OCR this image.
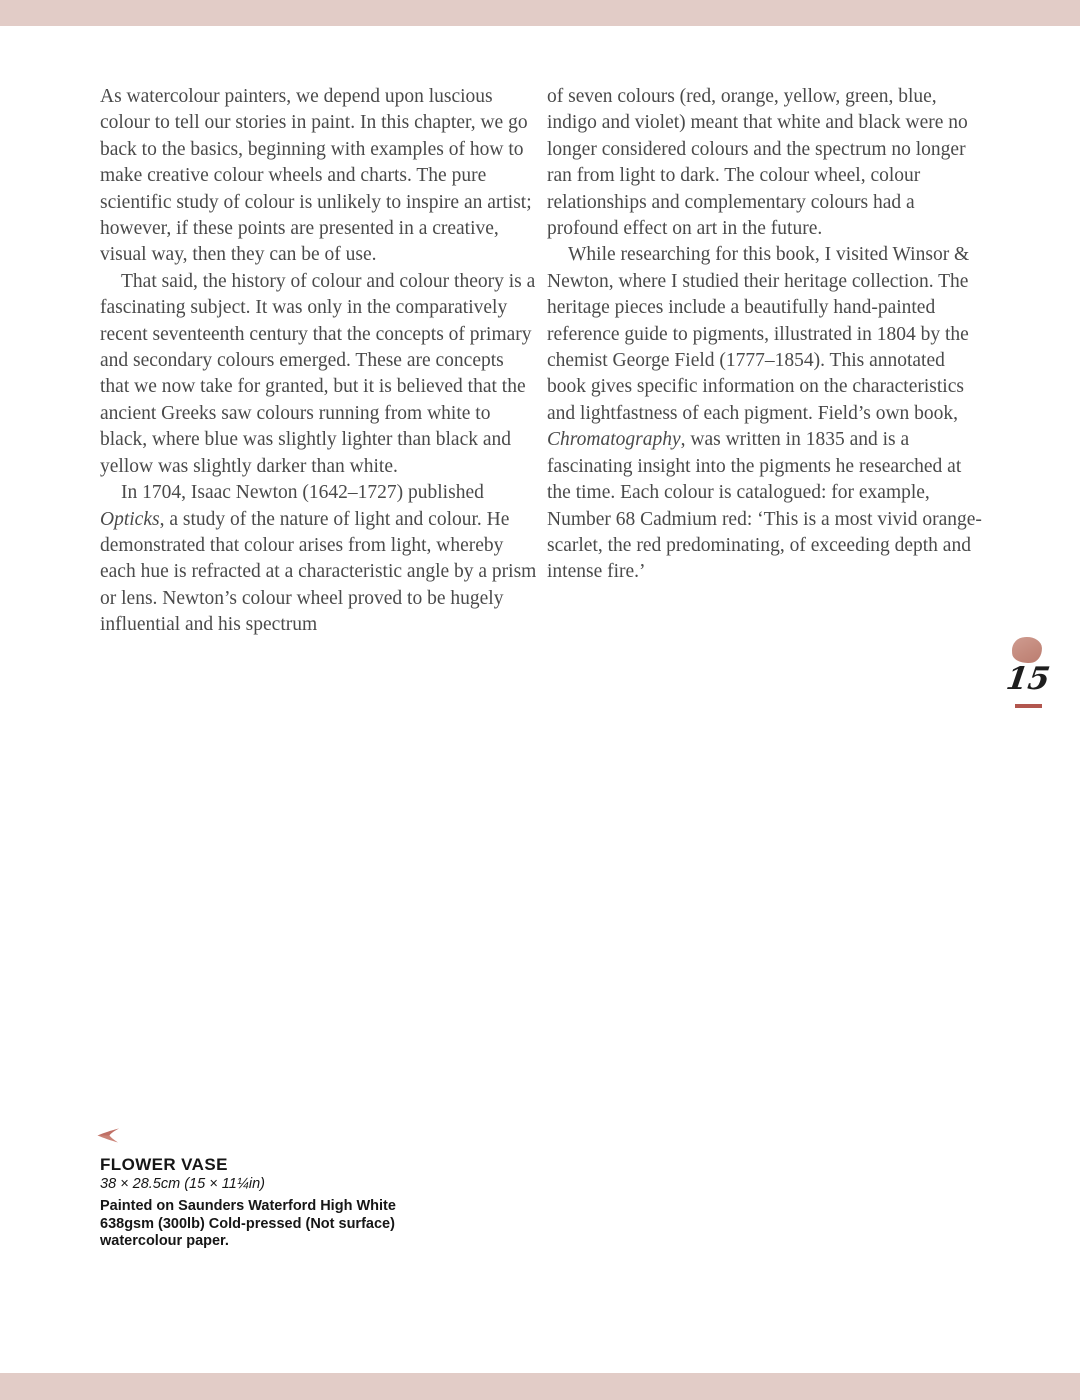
As watercolour painters, we depend upon luscious colour to tell our stories in paint. In this chapter, we go back to the basics, beginning with examples of how to make creative colour wheels and charts. The pure scientific study of colour is unlikely to inspire an artist; however, if these points are presented in a creative, visual way, then they can be of use.

That said, the history of colour and colour theory is a fascinating subject. It was only in the comparatively recent seventeenth century that the concepts of primary and secondary colours emerged. These are concepts that we now take for granted, but it is believed that the ancient Greeks saw colours running from white to black, where blue was slightly lighter than black and yellow was slightly darker than white.

In 1704, Isaac Newton (1642–1727) published Opticks, a study of the nature of light and colour. He demonstrated that colour arises from light, whereby each hue is refracted at a characteristic angle by a prism or lens. Newton’s colour wheel proved to be hugely influential and his spectrum

of seven colours (red, orange, yellow, green, blue, indigo and violet) meant that white and black were no longer considered colours and the spectrum no longer ran from light to dark. The colour wheel, colour relationships and complementary colours had a profound effect on art in the future.

While researching for this book, I visited Winsor & Newton, where I studied their heritage collection. The heritage pieces include a beautifully hand-painted reference guide to pigments, illustrated in 1804 by the chemist George Field (1777–1854). This annotated book gives specific information on the characteristics and lightfastness of each pigment. Field’s own book, Chromatography, was written in 1835 and is a fascinating insight into the pigments he researched at the time. Each colour is catalogued: for example, Number 68 Cadmium red: ‘This is a most vivid orange-scarlet, the red predominating, of exceeding depth and intense fire.’

15
FLOWER VASE
38 × 28.5cm (15 × 11¼in)
Painted on Saunders Waterford High White
638gsm (300lb) Cold-pressed (Not surface)
watercolour paper.
